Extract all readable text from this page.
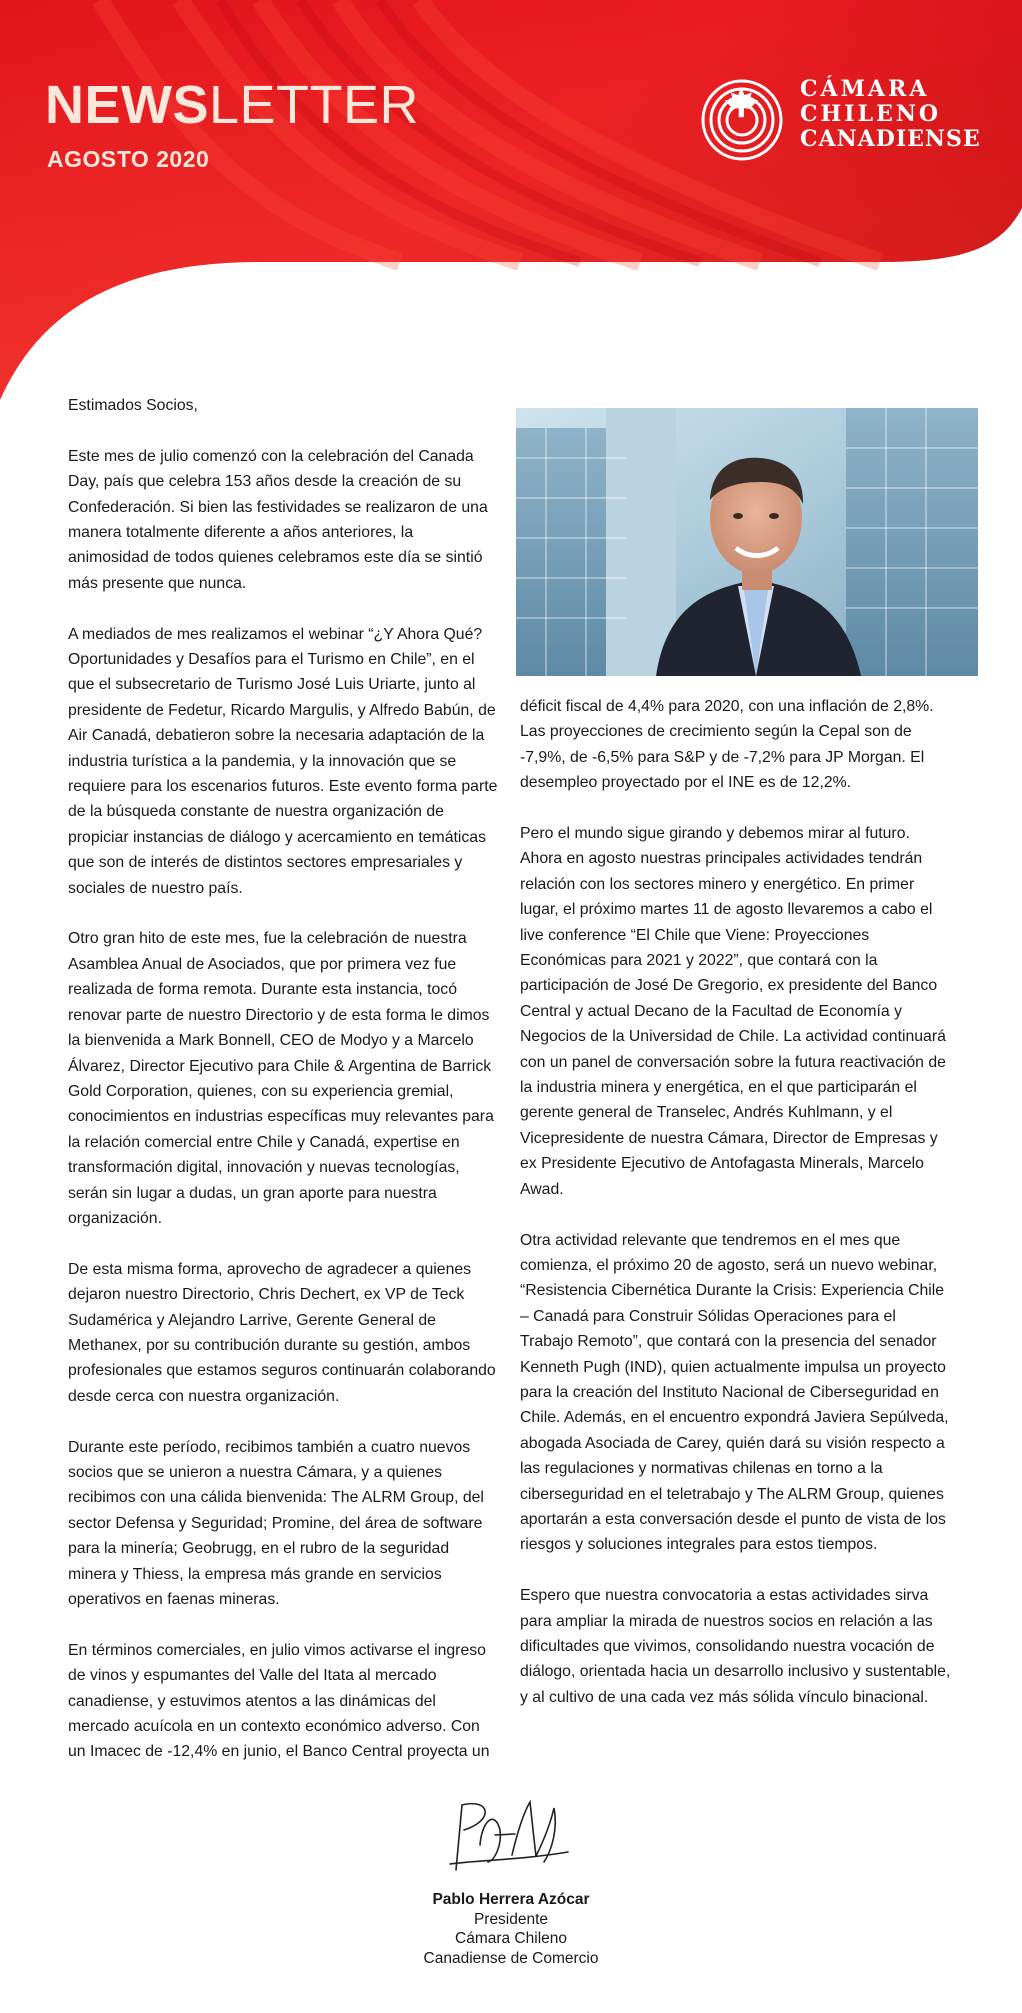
NEWSLETTER
AGOSTO 2020
CÁMARA
CHILENO
CANADIENSE

Estimados Socios,

Este mes de julio comenzó con la celebración del Canada Day, país que celebra 153 años desde la creación de su Confederación. Si bien las festividades se realizaron de una manera totalmente diferente a años anteriores, la animosidad de todos quienes celebramos este día se sintió más presente que nunca.

A mediados de mes realizamos el webinar “¿Y Ahora Qué? Oportunidades y Desafíos para el Turismo en Chile”, en el que el subsecretario de Turismo José Luis Uriarte, junto al presidente de Fedetur, Ricardo Margulis, y Alfredo Babún, de Air Canadá, debatieron sobre la necesaria adaptación de la industria turística a la pandemia, y la innovación que se requiere para los escenarios futuros. Este evento forma parte de la búsqueda constante de nuestra organización de propiciar instancias de diálogo y acercamiento en temáticas que son de interés de distintos sectores empresariales y sociales de nuestro país.

Otro gran hito de este mes, fue la celebración de nuestra Asamblea Anual de Asociados, que por primera vez fue realizada de forma remota. Durante esta instancia, tocó renovar parte de nuestro Directorio y de esta forma le dimos la bienvenida a Mark Bonnell, CEO de Modyo y a Marcelo Álvarez, Director Ejecutivo para Chile & Argentina de Barrick Gold Corporation, quienes, con su experiencia gremial, conocimientos en industrias específicas muy relevantes para la relación comercial entre Chile y Canadá, expertise en transformación digital, innovación y nuevas tecnologías, serán sin lugar a dudas, un gran aporte para nuestra organización.

De esta misma forma, aprovecho de agradecer a quienes dejaron nuestro Directorio, Chris Dechert, ex VP de Teck Sudamérica y Alejandro Larrive, Gerente General de Methanex, por su contribución durante su gestión, ambos profesionales que estamos seguros continuarán colaborando desde cerca con nuestra organización.

Durante este período, recibimos también a cuatro nuevos socios que se unieron a nuestra Cámara, y a quienes recibimos con una cálida bienvenida: The ALRM Group, del sector Defensa y Seguridad; Promine, del área de software para la minería; Geobrugg, en el rubro de la seguridad minera y Thiess, la empresa más grande en servicios operativos en faenas mineras.

En términos comerciales, en julio vimos activarse el ingreso de vinos y espumantes del Valle del Itata al mercado canadiense, y estuvimos atentos a las dinámicas del mercado acuícola en un contexto económico adverso. Con un Imacec de -12,4% en junio, el Banco Central proyecta un

déficit fiscal de 4,4% para 2020, con una inflación de 2,8%. Las proyecciones de crecimiento según la Cepal son de -7,9%, de -6,5% para S&P y de -7,2% para JP Morgan. El desempleo proyectado por el INE es de 12,2%.

Pero el mundo sigue girando y debemos mirar al futuro. Ahora en agosto nuestras principales actividades tendrán relación con los sectores minero y energético. En primer lugar, el próximo martes 11 de agosto llevaremos a cabo el live conference “El Chile que Viene: Proyecciones Económicas para 2021 y 2022”, que contará con la participación de José De Gregorio, ex presidente del Banco Central y actual Decano de la Facultad de Economía y Negocios de la Universidad de Chile. La actividad continuará con un panel de conversación sobre la futura reactivación de la industria minera y energética, en el que participarán el gerente general de Transelec, Andrés Kuhlmann, y el Vicepresidente de nuestra Cámara, Director de Empresas y ex Presidente Ejecutivo de Antofagasta Minerals, Marcelo Awad.

Otra actividad relevante que tendremos en el mes que comienza, el próximo 20 de agosto, será un nuevo webinar, “Resistencia Cibernética Durante la Crisis: Experiencia Chile – Canadá para Construir Sólidas Operaciones para el Trabajo Remoto”, que contará con la presencia del senador Kenneth Pugh (IND), quien actualmente impulsa un proyecto para la creación del Instituto Nacional de Ciberseguridad en Chile. Además, en el encuentro expondrá Javiera Sepúlveda, abogada Asociada de Carey, quién dará su visión respecto a las regulaciones y normativas chilenas en torno a la ciberseguridad en el teletrabajo y The ALRM Group, quienes aportarán a esta conversación desde el punto de vista de los riesgos y soluciones integrales para estos tiempos.

Espero que nuestra convocatoria a estas actividades sirva para ampliar la mirada de nuestros socios en relación a las dificultades que vivimos, consolidando nuestra vocación de diálogo, orientada hacia un desarrollo inclusivo y sustentable, y al cultivo de una cada vez más sólida vínculo binacional.

Pablo Herrera Azócar
Presidente
Cámara Chileno
Canadiense de Comercio
